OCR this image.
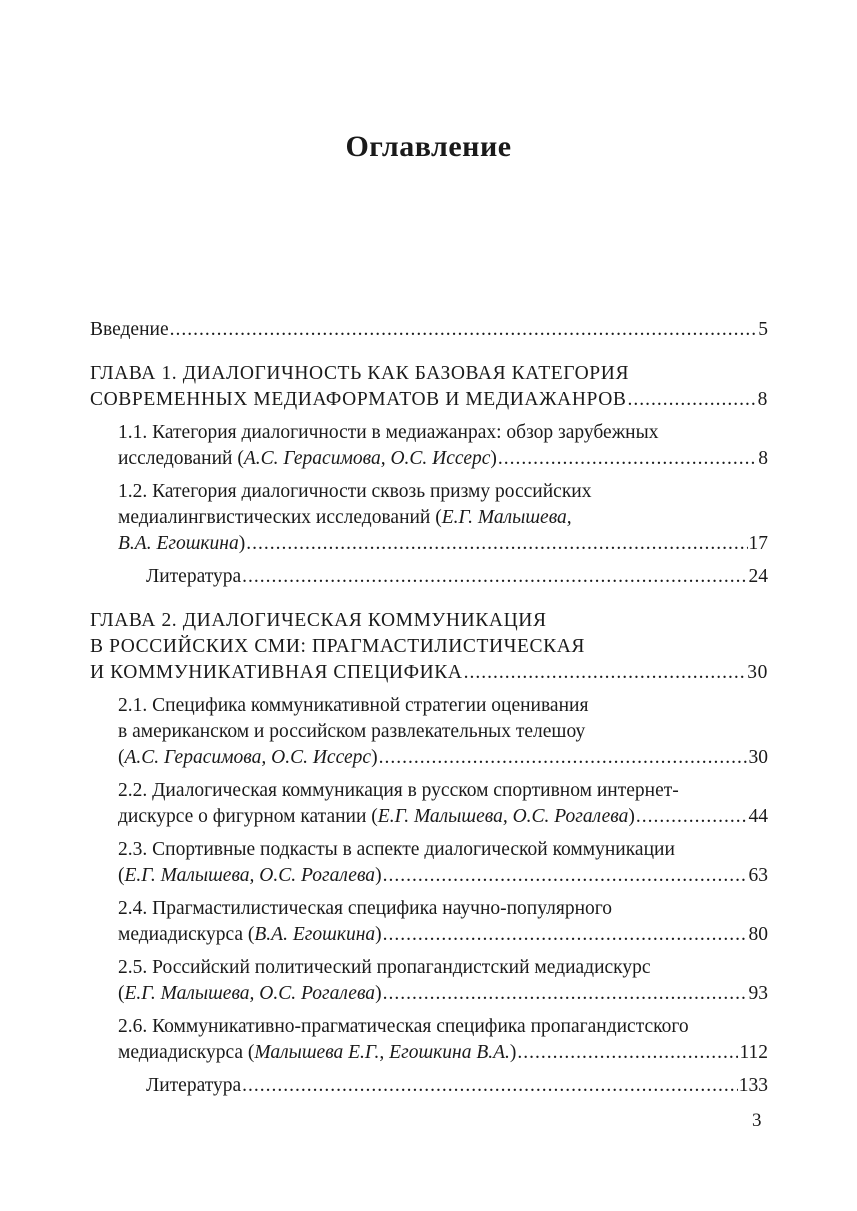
Оглавление
Введение .....	5
ГЛАВА 1. ДИАЛОГИЧНОСТЬ КАК БАЗОВАЯ КАТЕГОРИЯ
СОВРЕМЕННЫХ МЕДИАФОРМАТОВ И МЕДИАЖАНРОВ .....	8
1.1. Категория диалогичности в медиажанрах: обзор зарубежных
исследований (А.С. Герасимова, О.С. Иссерс) .....	8
1.2. Категория диалогичности сквозь призму российских
медиалингвистических исследований (Е.Г. Малышева,
В.А. Егошкина) .....	17
Литература .....	24
ГЛАВА 2. ДИАЛОГИЧЕСКАЯ КОММУНИКАЦИЯ
В РОССИЙСКИХ СМИ: ПРАГМАСТИЛИСТИЧЕСКАЯ
И КОММУНИКАТИВНАЯ СПЕЦИФИКА .....	30
2.1. Специфика коммуникативной стратегии оценивания
в американском и российском развлекательных телешоу
(А.С. Герасимова, О.С. Иссерс) .....	30
2.2. Диалогическая коммуникация в русском спортивном интернет-
дискурсе о фигурном катании (Е.Г. Малышева, О.С. Рогалева) .....	44
2.3. Спортивные подкасты в аспекте диалогической коммуникации
(Е.Г. Малышева, О.С. Рогалева) .....	63
2.4. Прагмастилистическая специфика научно-популярного
медиадискурса (В.А. Егошкина) .....	80
2.5. Российский политический пропагандистский медиадискурс
(Е.Г. Малышева, О.С. Рогалева) .....	93
2.6. Коммуникативно-прагматическая специфика пропагандистского
медиадискурса (Малышева Е.Г., Егошкина В.А.) .....	112
Литература .....	133
3
